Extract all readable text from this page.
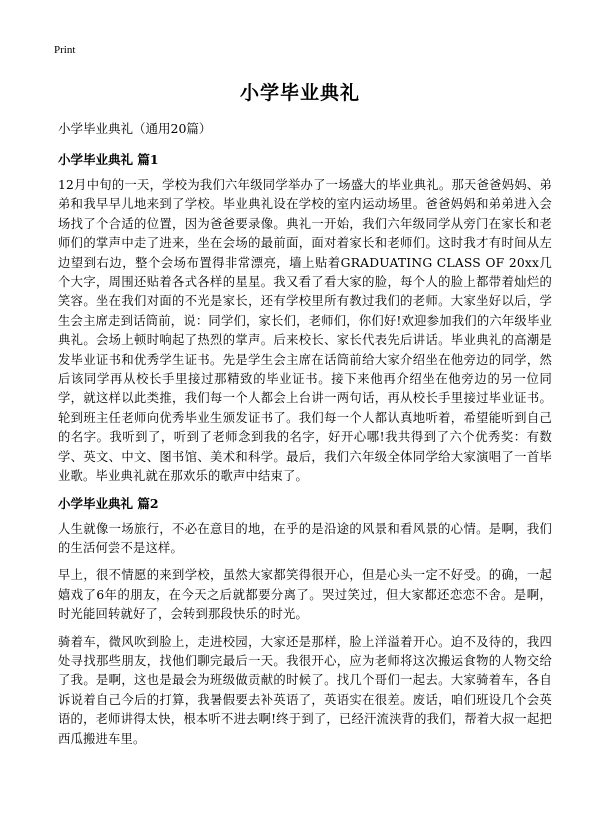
Print
小学毕业典礼
小学毕业典礼（通用20篇）
小学毕业典礼 篇1

12月中旬的一天，学校为我们六年级同学举办了一场盛大的毕业典礼。那天爸爸妈妈、弟弟和我早早儿地来到了学校。毕业典礼设在学校的室内运动场里。爸爸妈妈和弟弟进入会场找了个合适的位置，因为爸爸要录像。典礼一开始，我们六年级同学从旁门在家长和老师们的掌声中走了进来，坐在会场的最前面，面对着家长和老师们。这时我才有时间从左边望到右边，整个会场布置得非常漂亮，墙上贴着GRADUATING CLASS OF 20xx几个大字，周围还贴着各式各样的星星。我又看了看大家的脸，每个人的脸上都带着灿烂的笑容。坐在我们对面的不光是家长，还有学校里所有教过我们的老师。大家坐好以后，学生会主席走到话筒前，说：同学们，家长们，老师们，你们好!欢迎参加我们的六年级毕业典礼。会场上顿时响起了热烈的掌声。后来校长、家长代表先后讲话。毕业典礼的高潮是发毕业证书和优秀学生证书。先是学生会主席在话筒前给大家介绍坐在他旁边的同学，然后该同学再从校长手里接过那精致的毕业证书。接下来他再介绍坐在他旁边的另一位同学，就这样以此类推，我们每一个人都会上台讲一两句话，再从校长手里接过毕业证书。轮到班主任老师向优秀毕业生颁发证书了。我们每一个人都认真地听着，希望能听到自己的名字。我听到了，听到了老师念到我的名字，好开心哪!我共得到了六个优秀奖：有数学、英文、中文、图书馆、美术和科学。最后，我们六年级全体同学给大家演唱了一首毕业歌。毕业典礼就在那欢乐的歌声中结束了。

小学毕业典礼 篇2

人生就像一场旅行，不必在意目的地，在乎的是沿途的风景和看风景的心情。是啊，我们的生活何尝不是这样。

早上，很不情愿的来到学校，虽然大家都笑得很开心，但是心头一定不好受。的确，一起嬉戏了6年的朋友，在今天之后就都要分离了。哭过笑过，但大家都还恋恋不舍。是啊，时光能回转就好了，会转到那段快乐的时光。

骑着车，微风吹到脸上，走进校园，大家还是那样，脸上洋溢着开心。迫不及待的，我四处寻找那些朋友，找他们聊完最后一天。我很开心，应为老师将这次搬运食物的人物交给了我。是啊，这也是最会为班级做贡献的时候了。找几个哥们一起去。大家骑着车，各自诉说着自己今后的打算，我暑假要去补英语了，英语实在很差。废话，咱们班设几个会英语的，老师讲得太快，根本听不进去啊!终于到了，已经汗流浃背的我们，帮着大叔一起把西瓜搬进车里。
